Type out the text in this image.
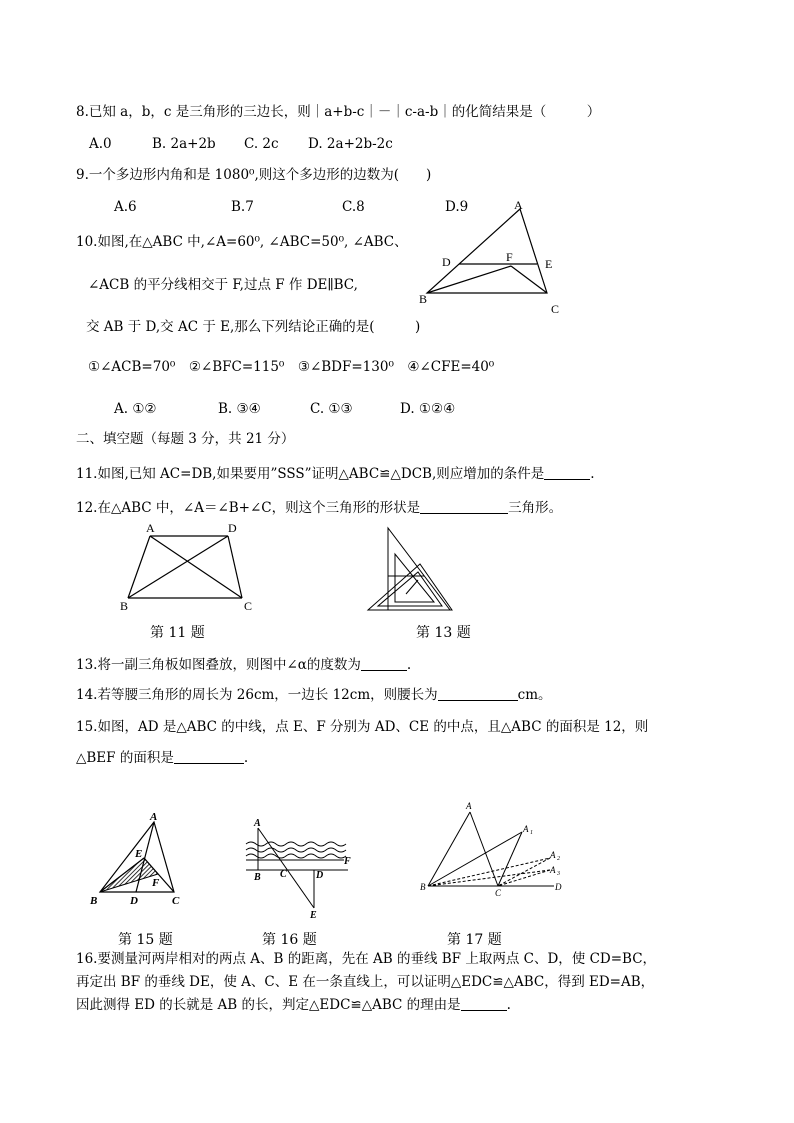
8.已知 a，b，c 是三角形的三边长，则｜a+b-c｜－｜c-a-b｜的化简结果是（　　　）
A.0	B. 2a+2b C. 2c D. 2a+2b-2c
9.一个多边形内角和是 1080⁰,则这个多边形的边数为(　　)
A.6	B.7	C.8	D.9
10.如图,在△ABC 中,∠A=60⁰, ∠ABC=50⁰, ∠ABC、
∠ACB 的平分线相交于 F,过点 F 作 DE∥BC,
交 AB 于 D,交 AC 于 E,那么下列结论正确的是(　　　)
①∠ACB=70⁰　②∠BFC=115⁰　③∠BDF=130⁰　④∠CFE=40⁰
A. ①②	B. ③④	C. ①③	D. ①②④
A
D	F	E
B
C
二、填空题（每题 3 分，共 21 分）
11.如图,已知 AC=DB,如果要用”SSS”证明△ABC≌△DCB,则应增加的条件是	.
12.在△ABC 中，∠A＝∠B+∠C，则这个三角形的形状是	三角形。
A	D
B	C
第 11 题	第 13 题
13.将一副三角板如图叠放，则图中∠α的度数为	.
14.若等腰三角形的周长为 26cm，一边长 12cm，则腰长为	cm。
15.如图，AD 是△ABC 的中线，点 E、F 分别为 AD、CE 的中点，且△ABC 的面积是 12，则
△BEF 的面积是	.
A
E
F
B	D	C
第 15 题
A
B C	D
E
F
第 16 题
A
A 1
A 2
A 3
B
C
D
第 17 题
16.要测量河两岸相对的两点 A、B 的距离，先在 AB 的垂线 BF 上取两点 C、D，使 CD=BC，
再定出 BF 的垂线 DE，使 A、C、E 在一条直线上，可以证明△EDC≌△ABC，得到 ED=AB，
因此测得 ED 的长就是 AB 的长，判定△EDC≌△ABC 的理由是	.
